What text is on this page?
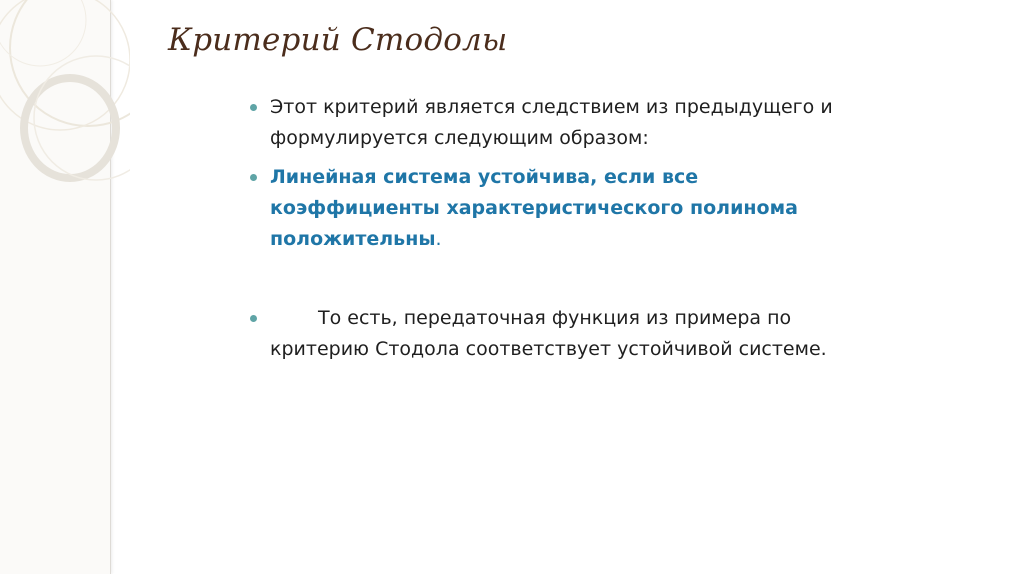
Критерий Стодолы
Этот критерий является следствием из предыдущего и формулируется следующим образом:
Линейная система устойчива, если все коэффициенты характеристического полинома положительны.
То есть, передаточная функция из примера по критерию Стодола соответствует устойчивой системе.
